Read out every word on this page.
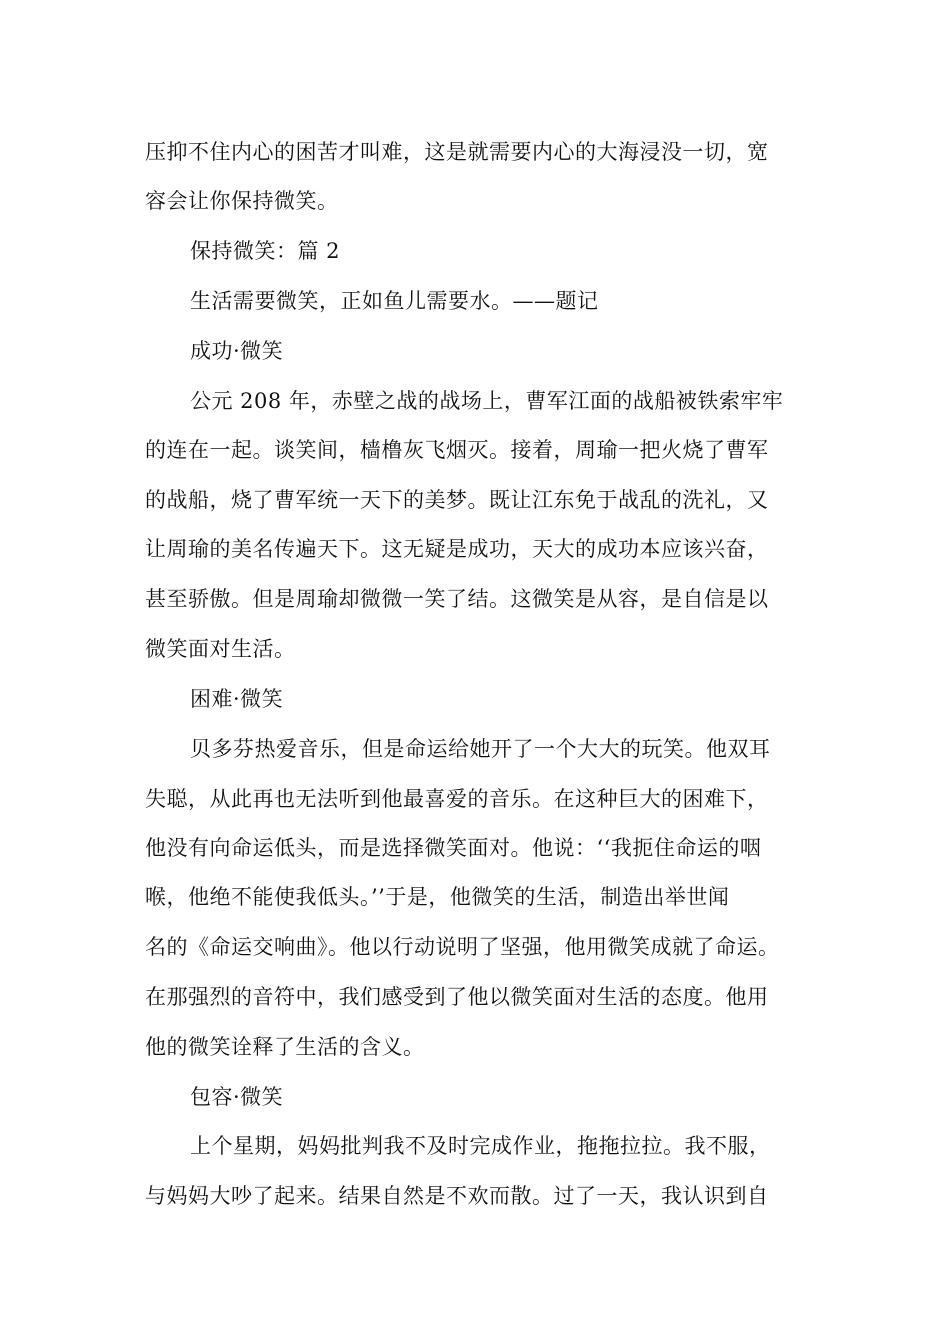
压抑不住内心的困苦才叫难，这是就需要内心的大海浸没一切，宽
容会让你保持微笑。
保持微笑：篇 2
生活需要微笑，正如鱼儿需要水。——题记
成功·微笑
公元 208 年，赤壁之战的战场上，曹军江面的战船被铁索牢牢
的连在一起。谈笑间，樯橹灰飞烟灭。接着，周瑜一把火烧了曹军
的战船，烧了曹军统一天下的美梦。既让江东免于战乱的洗礼，又
让周瑜的美名传遍天下。这无疑是成功，天大的成功本应该兴奋，
甚至骄傲。但是周瑜却微微一笑了结。这微笑是从容，是自信是以
微笑面对生活。
困难·微笑
贝多芬热爱音乐，但是命运给她开了一个大大的玩笑。他双耳
失聪，从此再也无法听到他最喜爱的音乐。在这种巨大的困难下，
他没有向命运低头，而是选择微笑面对。他说：‘‘我扼住命运的咽
喉，他绝不能使我低头。’’于是，他微笑的生活，制造出举世闻
名的《命运交响曲》。他以行动说明了坚强，他用微笑成就了命运。
在那强烈的音符中，我们感受到了他以微笑面对生活的态度。他用
他的微笑诠释了生活的含义。
包容·微笑
上个星期，妈妈批判我不及时完成作业，拖拖拉拉。我不服，
与妈妈大吵了起来。结果自然是不欢而散。过了一天，我认识到自
